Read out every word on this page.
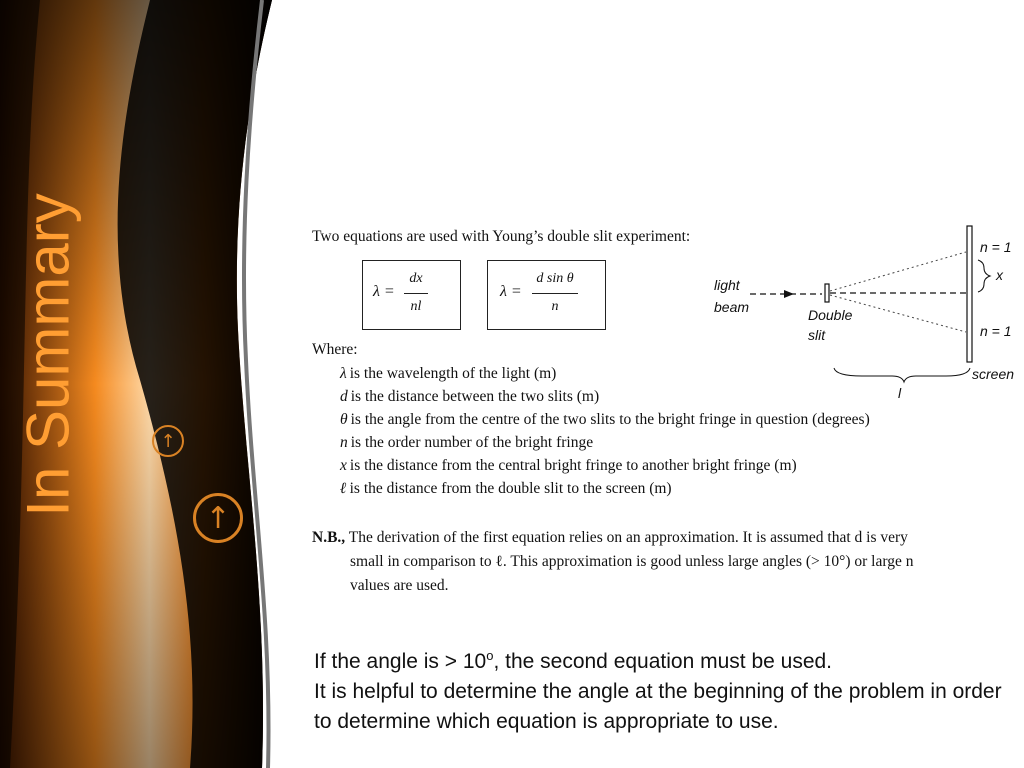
In Summary	↑
↑
Two equations are used with Young’s double slit experiment:
λ =
dx
nl
λ =
d sin θ
n
Where:
λ is the wavelength of the light (m)
d is the distance between the two slits (m)
θ is the angle from the centre of the two slits to the bright fringe in question (degrees)
n is the order number of the bright fringe
x is the distance from the central bright fringe to another bright fringe (m)
ℓ is the distance from the double slit to the screen (m)
N.B., The derivation of the first equation relies on an approximation. It is assumed that d is very
small in comparison to ℓ. This approximation is good unless large angles (> 10°) or large n
values are used.
light
beam
n = 1
x
n = 1
Double
slit
l
screen
If the angle is > $10^o$, the second equation must be used.
It is helpful to determine the angle at the beginning of the problem in order to determine which equation is appropriate to use.
